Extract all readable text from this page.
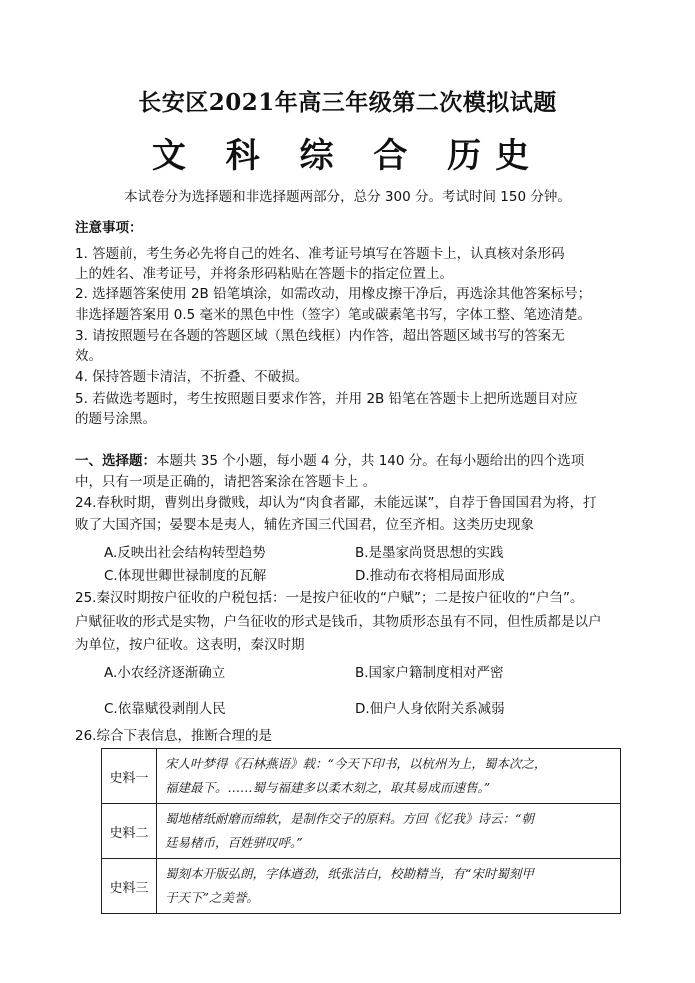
长安区2021年高三年级第二次模拟试题
文 科 综 合 历史
本试卷分为选择题和非选择题两部分，总分 300 分。考试时间 150 分钟。
注意事项：
1. 答题前，考生务必先将自己的姓名、准考证号填写在答题卡上，认真核对条形码
上的姓名、准考证号，并将条形码粘贴在答题卡的指定位置上。
2. 选择题答案使用 2B 铅笔填涂，如需改动，用橡皮擦干净后，再选涂其他答案标号；
非选择题答案用 0.5 毫米的黑色中性（签字）笔或碳素笔书写，字体工整、笔迹清楚。
3. 请按照题号在各题的答题区域（黑色线框）内作答，超出答题区域书写的答案无
效。
4. 保持答题卡清洁，不折叠、不破损。
5. 若做选考题时，考生按照题目要求作答，并用 2B 铅笔在答题卡上把所选题目对应
的题号涂黑。
一、选择题：本题共 35 个小题，每小题 4 分，共 140 分。在每小题给出的四个选项
中，只有一项是正确的，请把答案涂在答题卡上 。
24.春秋时期，曹刿出身微贱，却认为“肉食者鄙，未能远谋”，自荐于鲁国国君为将，打
败了大国齐国；晏婴本是夷人，辅佐齐国三代国君，位至齐相。这类历史现象
A.反映出社会结构转型趋势	B.是墨家尚贤思想的实践
C.体现世卿世禄制度的瓦解	D.推动布衣将相局面形成
25.秦汉时期按户征收的户税包括：一是按户征收的“户赋”；二是按户征收的“户刍”。
户赋征收的形式是实物，户刍征收的形式是钱币，其物质形态虽有不同，但性质都是以户
为单位，按户征收。这表明，秦汉时期
A.小农经济逐渐确立	B.国家户籍制度相对严密
C.依靠赋役剥削人民	D.佃户人身依附关系减弱
26.综合下表信息，推断合理的是
史料一	宋人叶梦得《石林燕语》载：“今天下印书，以杭州为上，蜀本次之，
福建最下。……蜀与福建多以柔木刻之，取其易成而速售。”

史料二	蜀地楮纸耐磨而绵软，是制作交子的原料。方回《忆我》诗云：“朝
廷易楮币，百姓骈叹呼。”

史料三	蜀刻本开版弘朗，字体遒劲，纸张洁白，校勘精当，有“宋时蜀刻甲
于天下”之美誉。
